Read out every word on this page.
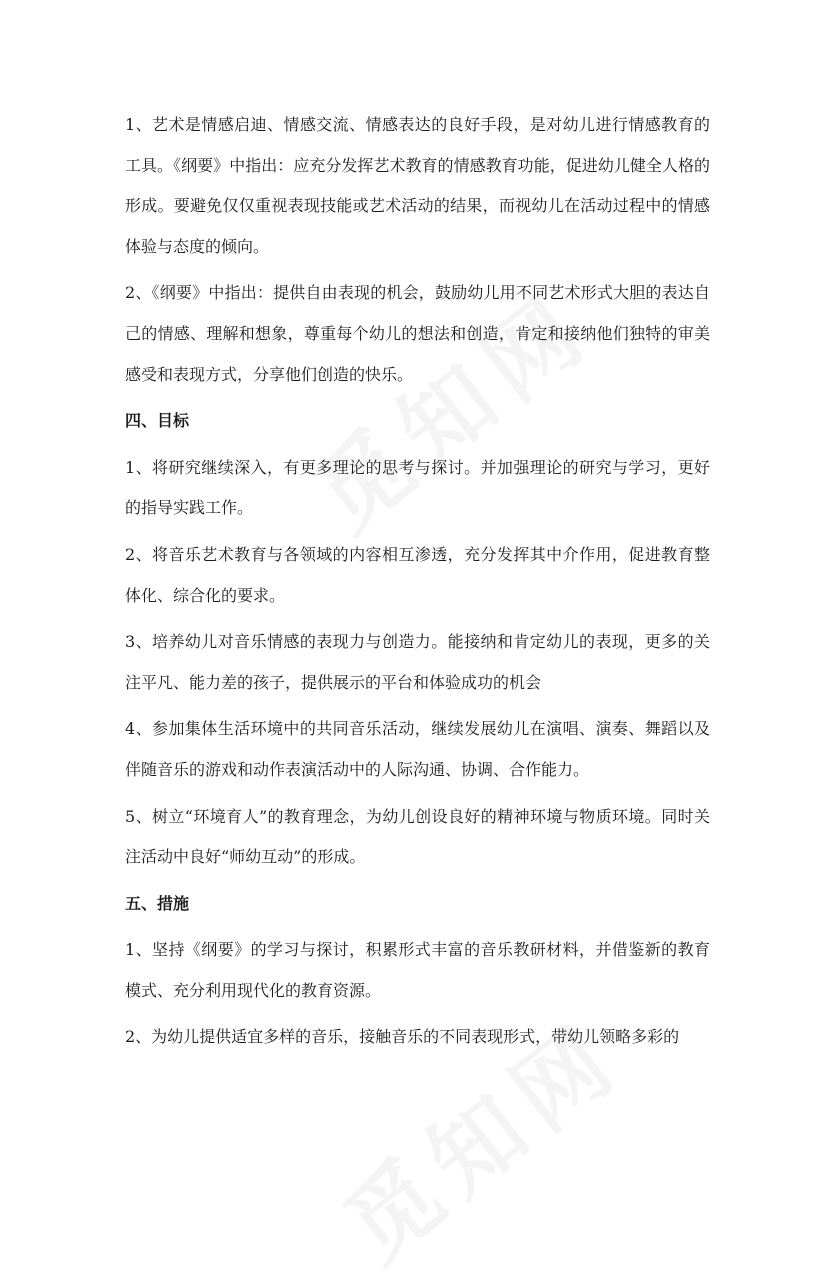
1、艺术是情感启迪、情感交流、情感表达的良好手段，是对幼儿进行情感教育的工具。《纲要》中指出：应充分发挥艺术教育的情感教育功能，促进幼儿健全人格的形成。要避免仅仅重视表现技能或艺术活动的结果，而视幼儿在活动过程中的情感体验与态度的倾向。

2、《纲要》中指出：提供自由表现的机会，鼓励幼儿用不同艺术形式大胆的表达自己的情感、理解和想象，尊重每个幼儿的想法和创造，肯定和接纳他们独特的审美感受和表现方式，分享他们创造的快乐。

四、目标

1、将研究继续深入，有更多理论的思考与探讨。并加强理论的研究与学习，更好的指导实践工作。

2、将音乐艺术教育与各领域的内容相互渗透，充分发挥其中介作用，促进教育整体化、综合化的要求。

3、培养幼儿对音乐情感的表现力与创造力。能接纳和肯定幼儿的表现，更多的关注平凡、能力差的孩子，提供展示的平台和体验成功的机会

4、参加集体生活环境中的共同音乐活动，继续发展幼儿在演唱、演奏、舞蹈以及伴随音乐的游戏和动作表演活动中的人际沟通、协调、合作能力。

5、树立“环境育人”的教育理念，为幼儿创设良好的精神环境与物质环境。同时关注活动中良好“师幼互动”的形成。

五、措施

1、坚持《纲要》的学习与探讨，积累形式丰富的音乐教研材料，并借鉴新的教育模式、充分利用现代化的教育资源。

2、为幼儿提供适宜多样的音乐，接触音乐的不同表现形式，带幼儿领略多彩的
